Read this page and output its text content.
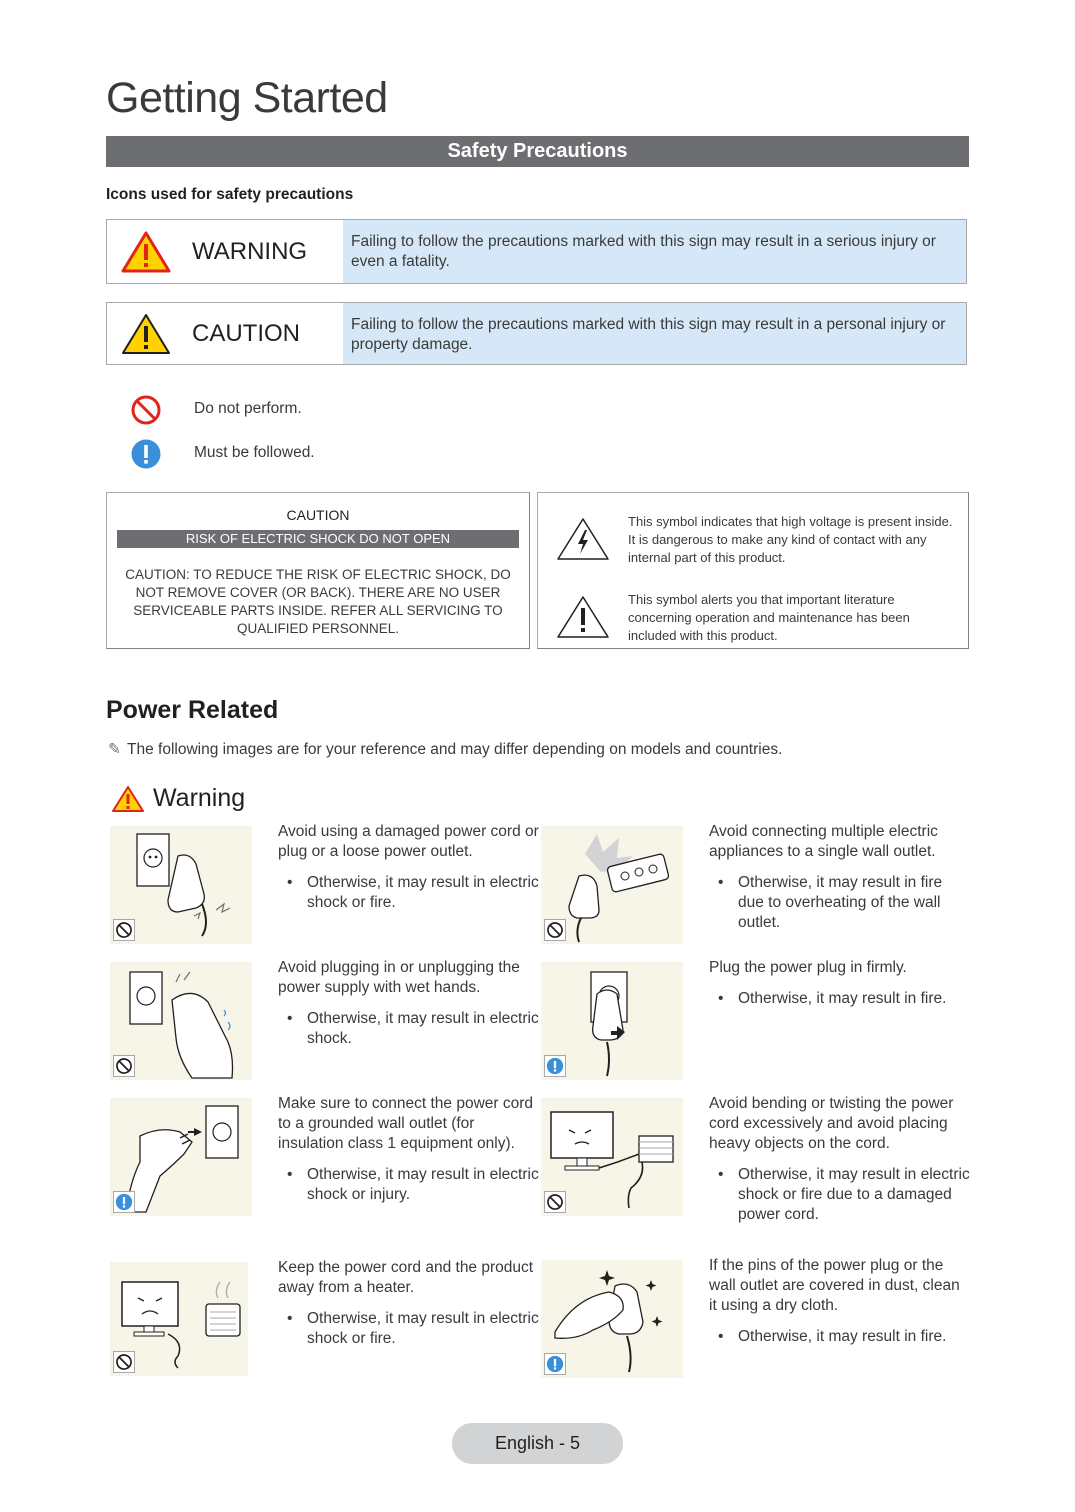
Getting Started
Safety Precautions
Icons used for safety precautions
WARNING	Failing to follow the precautions marked with this sign may result in a serious injury or even a fatality.
CAUTION	Failing to follow the precautions marked with this sign may result in a personal injury or property damage.
Do not perform.
Must be followed.
CAUTION
RISK OF ELECTRIC SHOCK DO NOT OPEN
CAUTION: TO REDUCE THE RISK OF ELECTRIC SHOCK, DO NOT REMOVE COVER (OR BACK). THERE ARE NO USER SERVICEABLE PARTS INSIDE. REFER ALL SERVICING TO QUALIFIED PERSONNEL.
This symbol indicates that high voltage is present inside. It is dangerous to make any kind of contact with any internal part of this product.
This symbol alerts you that important literature concerning operation and maintenance has been included with this product.
Power Related
✎ The following images are for your reference and may differ depending on models and countries.
Warning
Avoid using a damaged power cord or plug or a loose power outlet.
• Otherwise, it may result in electric shock or fire.
Avoid connecting multiple electric appliances to a single wall outlet.
• Otherwise, it may result in fire due to overheating of the wall outlet.
Avoid plugging in or unplugging the power supply with wet hands.
• Otherwise, it may result in electric shock.
Plug the power plug in firmly.
• Otherwise, it may result in fire.
Make sure to connect the power cord to a grounded wall outlet (for insulation class 1 equipment only).
• Otherwise, it may result in electric shock or injury.
Avoid bending or twisting the power cord excessively and avoid placing heavy objects on the cord.
• Otherwise, it may result in electric shock or fire due to a damaged power cord.
Keep the power cord and the product away from a heater.
• Otherwise, it may result in electric shock or fire.
If the pins of the power plug or the wall outlet are covered in dust, clean it using a dry cloth.
• Otherwise, it may result in fire.
English - 5
